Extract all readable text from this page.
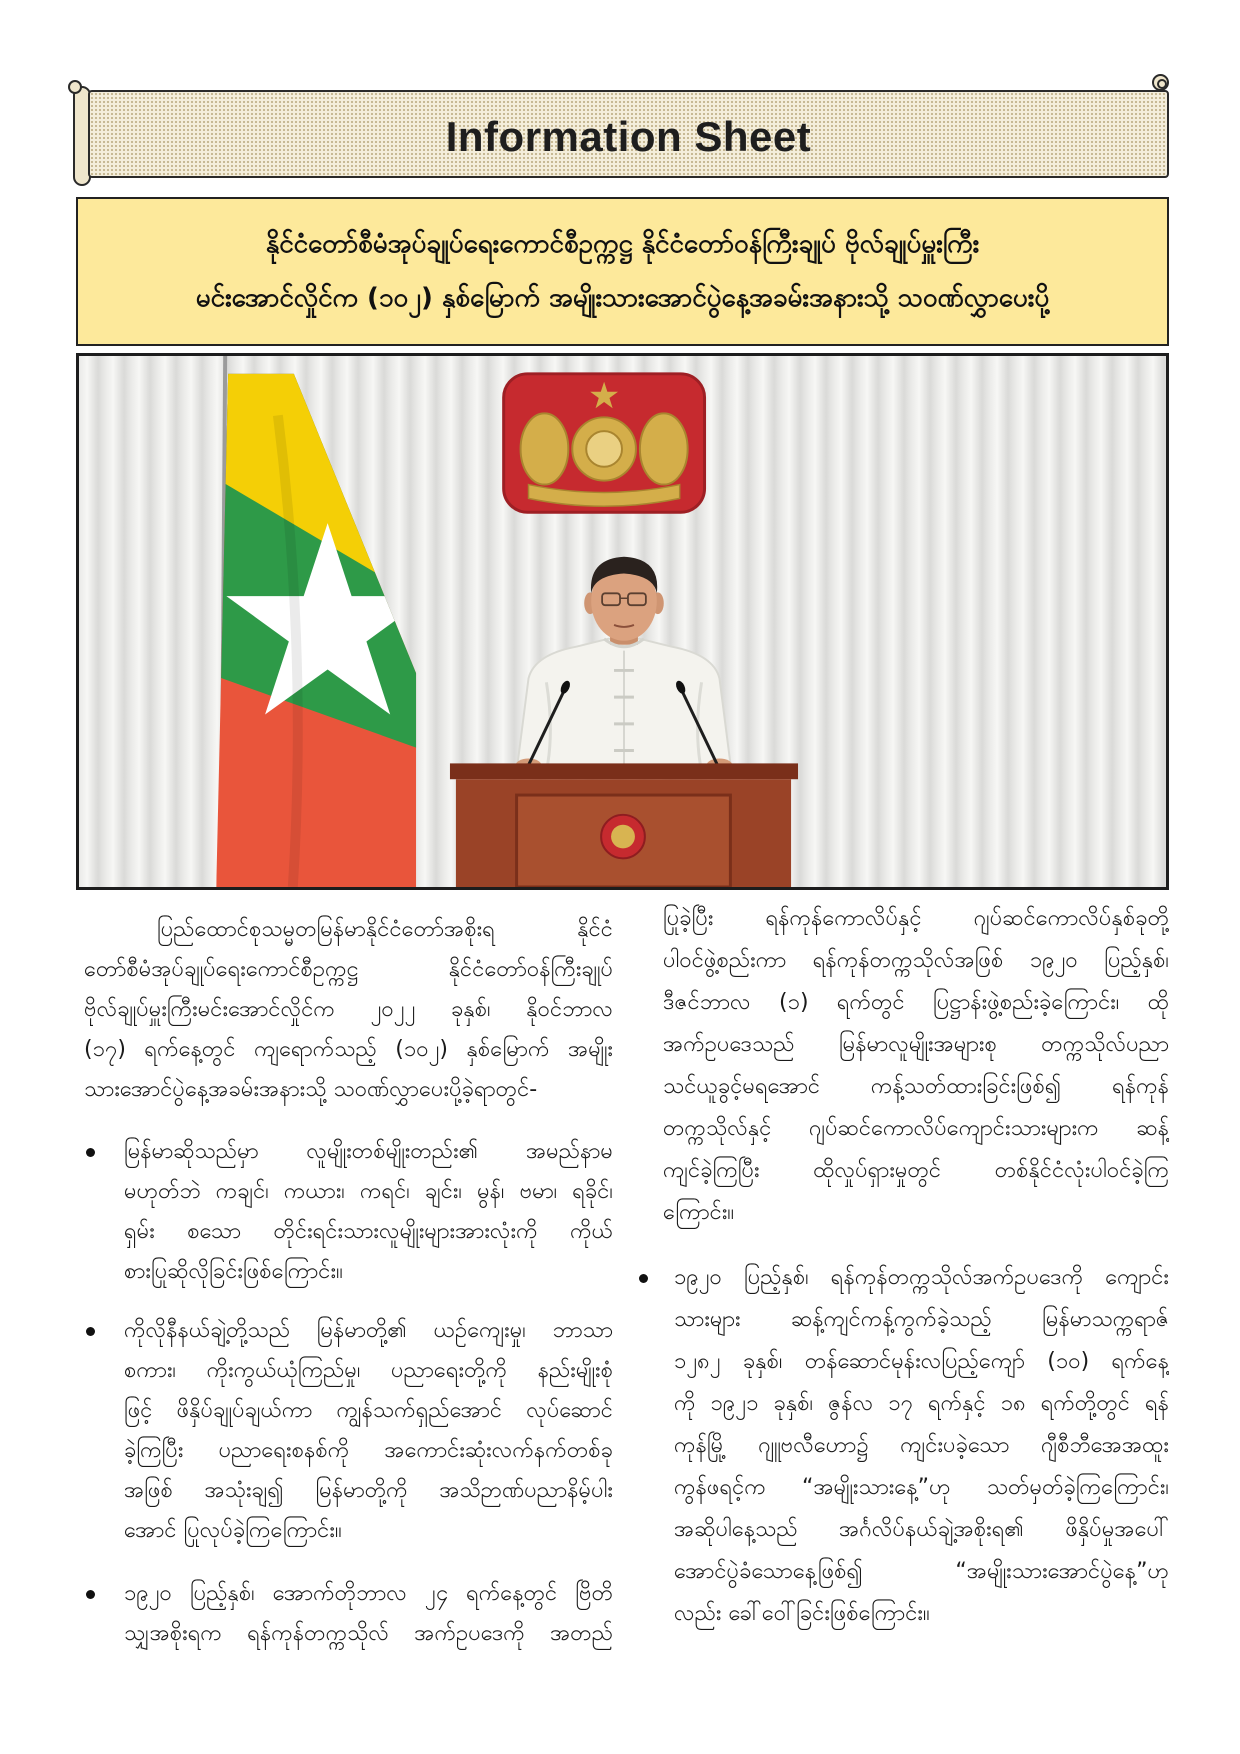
Information Sheet
နိုင်ငံတော်စီမံအုပ်ချုပ်ရေးကောင်စီဥက္ကဋ္ဌ နိုင်ငံတော်ဝန်ကြီးချုပ် ဗိုလ်ချုပ်မှူးကြီး
မင်းအောင်လှိုင်က (၁၀၂) နှစ်မြောက် အမျိုးသားအောင်ပွဲနေ့အခမ်းအနားသို့ သဝဏ်လွှာပေးပို့
ပြည်ထောင်စုသမ္မတမြန်မာနိုင်ငံတော်အစိုးရ နိုင်ငံ
တော်စီမံအုပ်ချုပ်ရေးကောင်စီဥက္ကဋ္ဌ နိုင်ငံတော်ဝန်ကြီးချုပ်
ဗိုလ်ချုပ်မှူးကြီးမင်းအောင်လှိုင်က ၂၀၂၂ ခုနှစ်၊ နိုဝင်ဘာလ
(၁၇) ရက်နေ့တွင် ကျရောက်သည့် (၁၀၂) နှစ်မြောက် အမျိုး
သားအောင်ပွဲနေ့အခမ်းအနားသို့ သဝဏ်လွှာပေးပို့ခဲ့ရာတွင်-
မြန်မာဆိုသည်မှာ လူမျိုးတစ်မျိုးတည်း၏ အမည်နာမ
မဟုတ်ဘဲ ကချင်၊ ကယား၊ ကရင်၊ ချင်း၊ မွန်၊ ဗမာ၊ ရခိုင်၊
ရှမ်း စသော တိုင်းရင်းသားလူမျိုးများအားလုံးကို ကိုယ်
စားပြုဆိုလိုခြင်းဖြစ်ကြောင်း။
ကိုလိုနီနယ်ချဲ့တို့သည် မြန်မာတို့၏ ယဉ်ကျေးမှု၊ ဘာသာ
စကား၊ ကိုးကွယ်ယုံကြည်မှု၊ ပညာရေးတို့ကို နည်းမျိုးစုံ
ဖြင့် ဖိနှိပ်ချုပ်ချယ်ကာ ကျွန်သက်ရှည်အောင် လုပ်ဆောင်
ခဲ့ကြပြီး ပညာရေးစနစ်ကို အကောင်းဆုံးလက်နက်တစ်ခု
အဖြစ် အသုံးချ၍ မြန်မာတို့ကို အသိဉာဏ်ပညာနိမ့်ပါး
အောင် ပြုလုပ်ခဲ့ကြကြောင်း။
၁၉၂၀ ပြည့်နှစ်၊ အောက်တိုဘာလ ၂၄ ရက်နေ့တွင် ဗြိတိ
သျှအစိုးရက ရန်ကုန်တက္ကသိုလ် အက်ဥပဒေကို အတည်
ပြုခဲ့ပြီး ရန်ကုန်ကောလိပ်နှင့် ဂျပ်ဆင်ကောလိပ်နှစ်ခုတို့
ပါဝင်ဖွဲ့စည်းကာ ရန်ကုန်တက္ကသိုလ်အဖြစ် ၁၉၂၀ ပြည့်နှစ်၊
ဒီဇင်ဘာလ (၁) ရက်တွင် ပြဋ္ဌာန်းဖွဲ့စည်းခဲ့ကြောင်း၊ ထို
အက်ဥပဒေသည် မြန်မာလူမျိုးအများစု တက္ကသိုလ်ပညာ
သင်ယူခွင့်မရအောင် ကန့်သတ်ထားခြင်းဖြစ်၍ ရန်ကုန်
တက္ကသိုလ်နှင့် ဂျပ်ဆင်ကောလိပ်ကျောင်းသားများက ဆန့်
ကျင်ခဲ့ကြပြီး ထိုလှုပ်ရှားမှုတွင် တစ်နိုင်ငံလုံးပါဝင်ခဲ့ကြ
ကြောင်း။
၁၉၂၀ ပြည့်နှစ်၊ ရန်ကုန်တက္ကသိုလ်အက်ဥပဒေကို ကျောင်း
သားများ ဆန့်ကျင်ကန့်ကွက်ခဲ့သည့် မြန်မာသက္ကရာဇ်
၁၂၈၂ ခုနှစ်၊ တန်ဆောင်မုန်းလပြည့်ကျော် (၁၀) ရက်နေ့
ကို ၁၉၂၁ ခုနှစ်၊ ဇွန်လ ၁၇ ရက်နှင့် ၁၈ ရက်တို့တွင် ရန်
ကုန်မြို့ ဂျူဗလီဟော၌ ကျင်းပခဲ့သော ဂျီစီဘီအေအထူး
ကွန်ဖရင့်က “အမျိုးသားနေ့”ဟု သတ်မှတ်ခဲ့ကြကြောင်း၊
အဆိုပါနေ့သည် အင်္ဂလိပ်နယ်ချဲ့အစိုးရ၏ ဖိနှိပ်မှုအပေါ်
အောင်ပွဲခံသောနေ့ဖြစ်၍ “အမျိုးသားအောင်ပွဲနေ့”ဟု
လည်း ခေါ်ဝေါ်ခြင်းဖြစ်ကြောင်း။
